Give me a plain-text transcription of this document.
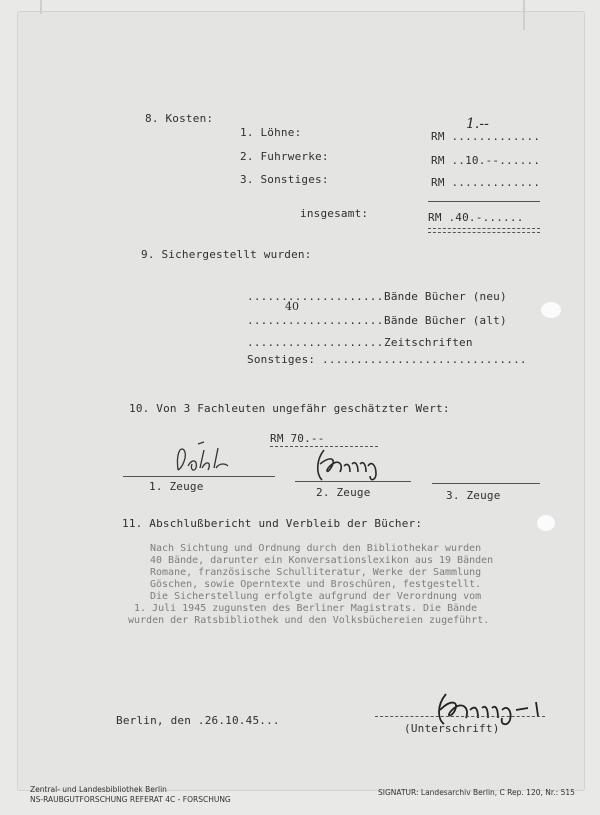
8. Kosten:
1. Löhne:	RM .............
1.--
2. Fuhrwerke:	RM ..10.--......
3. Sonstiges:	RM .............
insgesamt:	RM .40.-......
9. Sichergestellt wurden:
.................... Bände Bücher (neu)
40
.................... Bände Bücher (alt)
.................... Zeitschriften
Sonstiges: ..............................
10. Von 3 Fachleuten ungefähr geschätzter Wert:
RM 70.--
1. Zeuge	2. Zeuge	3. Zeuge
11. Abschlußbericht und Verbleib der Bücher:
Nach Sichtung und Ordnung durch den Bibliothekar wurden
40 Bände, darunter ein Konversationslexikon aus 19 Bänden
Romane, französische Schulliteratur, Werke der Sammlung
Göschen, sowie Operntexte und Broschüren, festgestellt.
Die Sicherstellung erfolgte aufgrund der Verordnung vom
1. Juli 1945 zugunsten des Berliner Magistrats. Die Bände
wurden der Ratsbibliothek und den Volksbüchereien zugeführt.
Berlin, den .26.10.45...
(Unterschrift)
Zentral- und Landesbibliothek Berlin
NS-RAUBGUTFORSCHUNG REFERAT 4C - FORSCHUNG
SIGNATUR: Landesarchiv Berlin, C Rep. 120, Nr.: 515
